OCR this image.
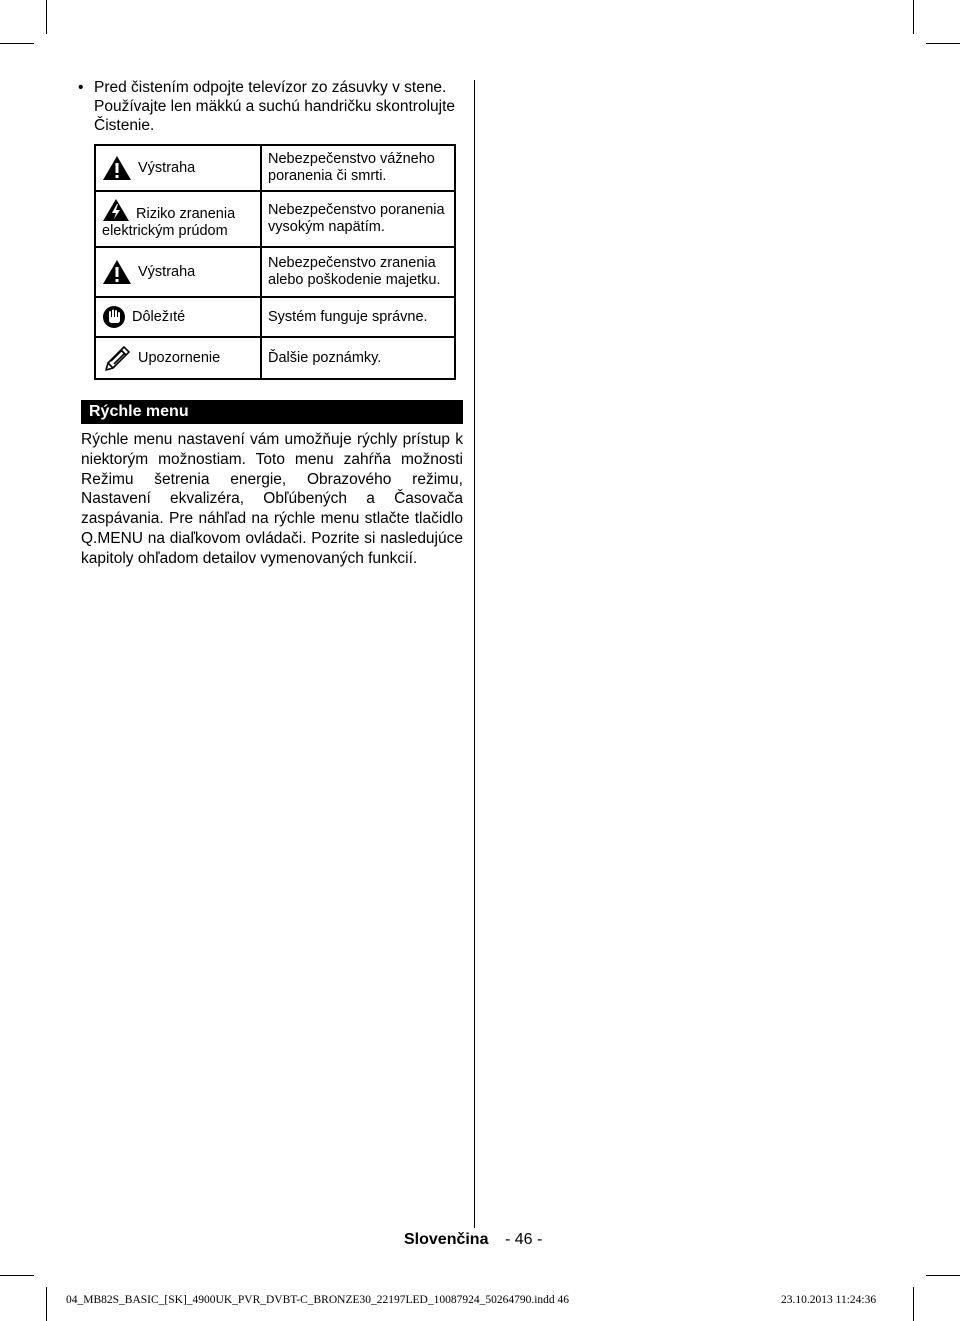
• Pred čistením odpojte televízor zo zásuvky v stene. Používajte len mäkkú a suchú handričku skontrolujte Čistenie.
Výstraha	Nebezpečenstvo vážneho poranenia či smrti.

Riziko zranenia elektrickým prúdom	Nebezpečenstvo poranenia vysokým napätím.

Výstraha	Nebezpečenstvo zranenia alebo poškodenie majetku.

Dôležıté	Systém funguje správne.

Upozornenie	Ďalšie poznámky.
Rýchle menu
Rýchle menu nastavení vám umožňuje rýchly prístup k niektorým možnostiam. Toto menu zahŕňa možnosti Režimu šetrenia energie, Obrazového režimu, Nastavení ekvalizéra, Obľúbených a Časovača zaspávania. Pre náhľad na rýchle menu stlačte tlačidlo Q.MENU na diaľkovom ovládači. Pozrite si nasledujúce kapitoly ohľadom detailov vymenovaných funkcií.
Slovenčina - 46 -
04_MB82S_BASIC_[SK]_4900UK_PVR_DVBT-C_BRONZE30_22197LED_10087924_50264790.indd 46	23.10.2013 11:24:36
